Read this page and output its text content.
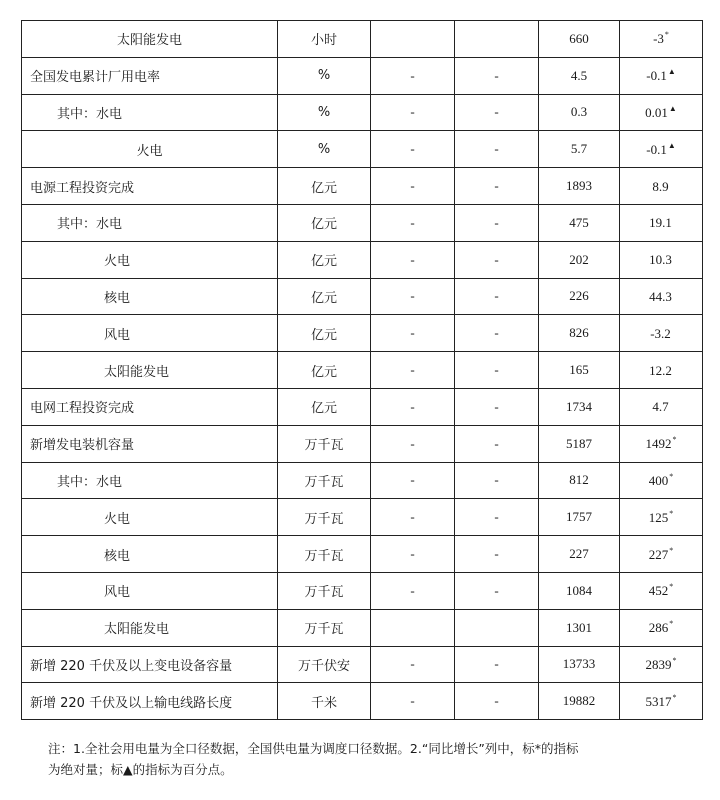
太阳能发电	小时			660	-3*
全国发电累计厂用电率	%	-	-	4.5	-0.1▲
其中：水电	%	-	-	0.3	0.01▲
火电	%	-	-	5.7	-0.1▲
电源工程投资完成	亿元	-	-	1893	8.9
其中：水电	亿元	-	-	475	19.1
火电	亿元	-	-	202	10.3
核电	亿元	-	-	226	44.3
风电	亿元	-	-	826	-3.2
太阳能发电	亿元	-	-	165	12.2
电网工程投资完成	亿元	-	-	1734	4.7
新增发电装机容量	万千瓦	-	-	5187	1492*
其中：水电	万千瓦	-	-	812	400*
火电	万千瓦	-	-	1757	125*
核电	万千瓦	-	-	227	227*
风电	万千瓦	-	-	1084	452*
太阳能发电	万千瓦			1301	286*
新增 220 千伏及以上变电设备容量	万千伏安	-	-	13733	2839*
新增 220 千伏及以上输电线路长度	千米	-	-	19882	5317*
注：1.全社会用电量为全口径数据，全国供电量为调度口径数据。2.“同比增长”列中，标*的指标
为绝对量；标▲的指标为百分点。
